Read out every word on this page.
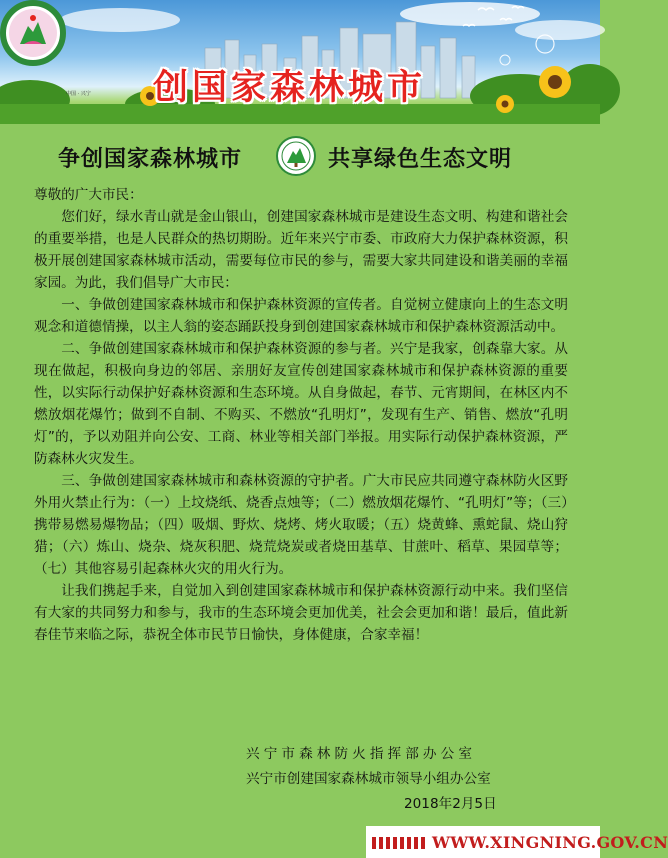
中国 · 兴宁 创国家森林城市
争创国家森林城市	共享绿色生态文明

尊敬的广大市民：

您们好，绿水青山就是金山银山，创建国家森林城市是建设生态文明、构建和谐社会的重要举措，也是人民群众的热切期盼。近年来兴宁市委、市政府大力保护森林资源，积极开展创建国家森林城市活动，需要每位市民的参与，需要大家共同建设和谐美丽的幸福家园。为此，我们倡导广大市民：

一、争做创建国家森林城市和保护森林资源的宣传者。自觉树立健康向上的生态文明观念和道德情操，以主人翁的姿态踊跃投身到创建国家森林城市和保护森林资源活动中。

二、争做创建国家森林城市和保护森林资源的参与者。兴宁是我家，创森靠大家。从现在做起，积极向身边的邻居、亲朋好友宣传创建国家森林城市和保护森林资源的重要性，以实际行动保护好森林资源和生态环境。从自身做起，春节、元宵期间，在林区内不燃放烟花爆竹；做到不自制、不购买、不燃放“孔明灯”，发现有生产、销售、燃放“孔明灯”的，予以劝阻并向公安、工商、林业等相关部门举报。用实际行动保护森林资源，严防森林火灾发生。

三、争做创建国家森林城市和森林资源的守护者。广大市民应共同遵守森林防火区野外用火禁止行为：（一）上坟烧纸、烧香点烛等；（二）燃放烟花爆竹、“孔明灯”等；（三）携带易燃易爆物品；（四）吸烟、野炊、烧烤、烤火取暖；（五）烧黄蜂、熏蛇鼠、烧山狩猎；（六）炼山、烧杂、烧灰积肥、烧荒烧炭或者烧田基草、甘蔗叶、稻草、果园草等；（七）其他容易引起森林火灾的用火行为。

让我们携起手来，自觉加入到创建国家森林城市和保护森林资源行动中来。我们坚信有大家的共同努力和参与，我市的生态环境会更加优美，社会会更加和谐！最后，值此新春佳节来临之际，恭祝全体市民节日愉快，身体健康，合家幸福！

兴宁市森林防火指挥部办公室
兴宁市创建国家森林城市领导小组办公室
2018年2月5日
WWW.XINGNING.GOV.CN
